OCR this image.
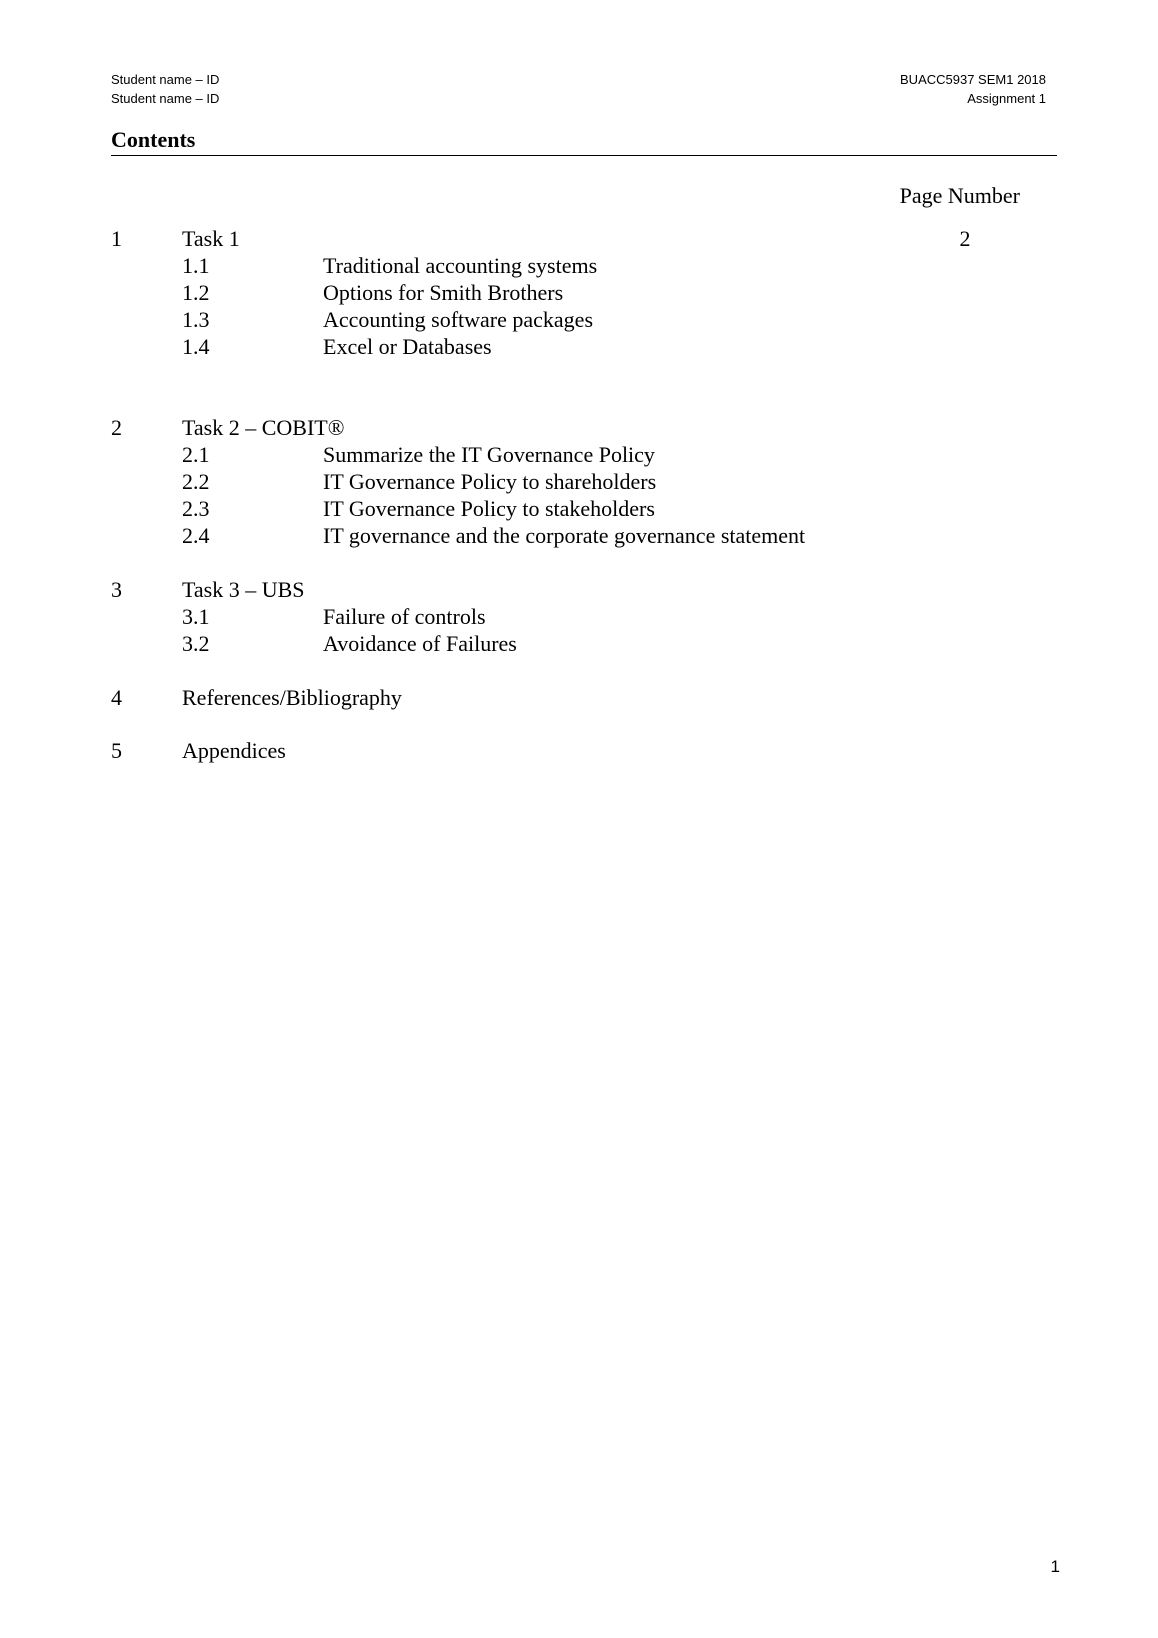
Student name – ID
Student name – ID
BUACC5937 SEM1 2018
Assignment 1
Contents
Page Number
1	Task 1	2
1.1	Traditional accounting systems
1.2	Options for Smith Brothers
1.3	Accounting software packages
1.4	Excel or Databases
2	Task 2 – COBIT®
2.1	Summarize the IT Governance Policy
2.2	IT Governance Policy to shareholders
2.3	IT Governance Policy to stakeholders
2.4	IT governance and the corporate governance statement
3	Task 3 – UBS
3.1	Failure of controls
3.2	Avoidance of Failures
4	References/Bibliography
5	Appendices
1
